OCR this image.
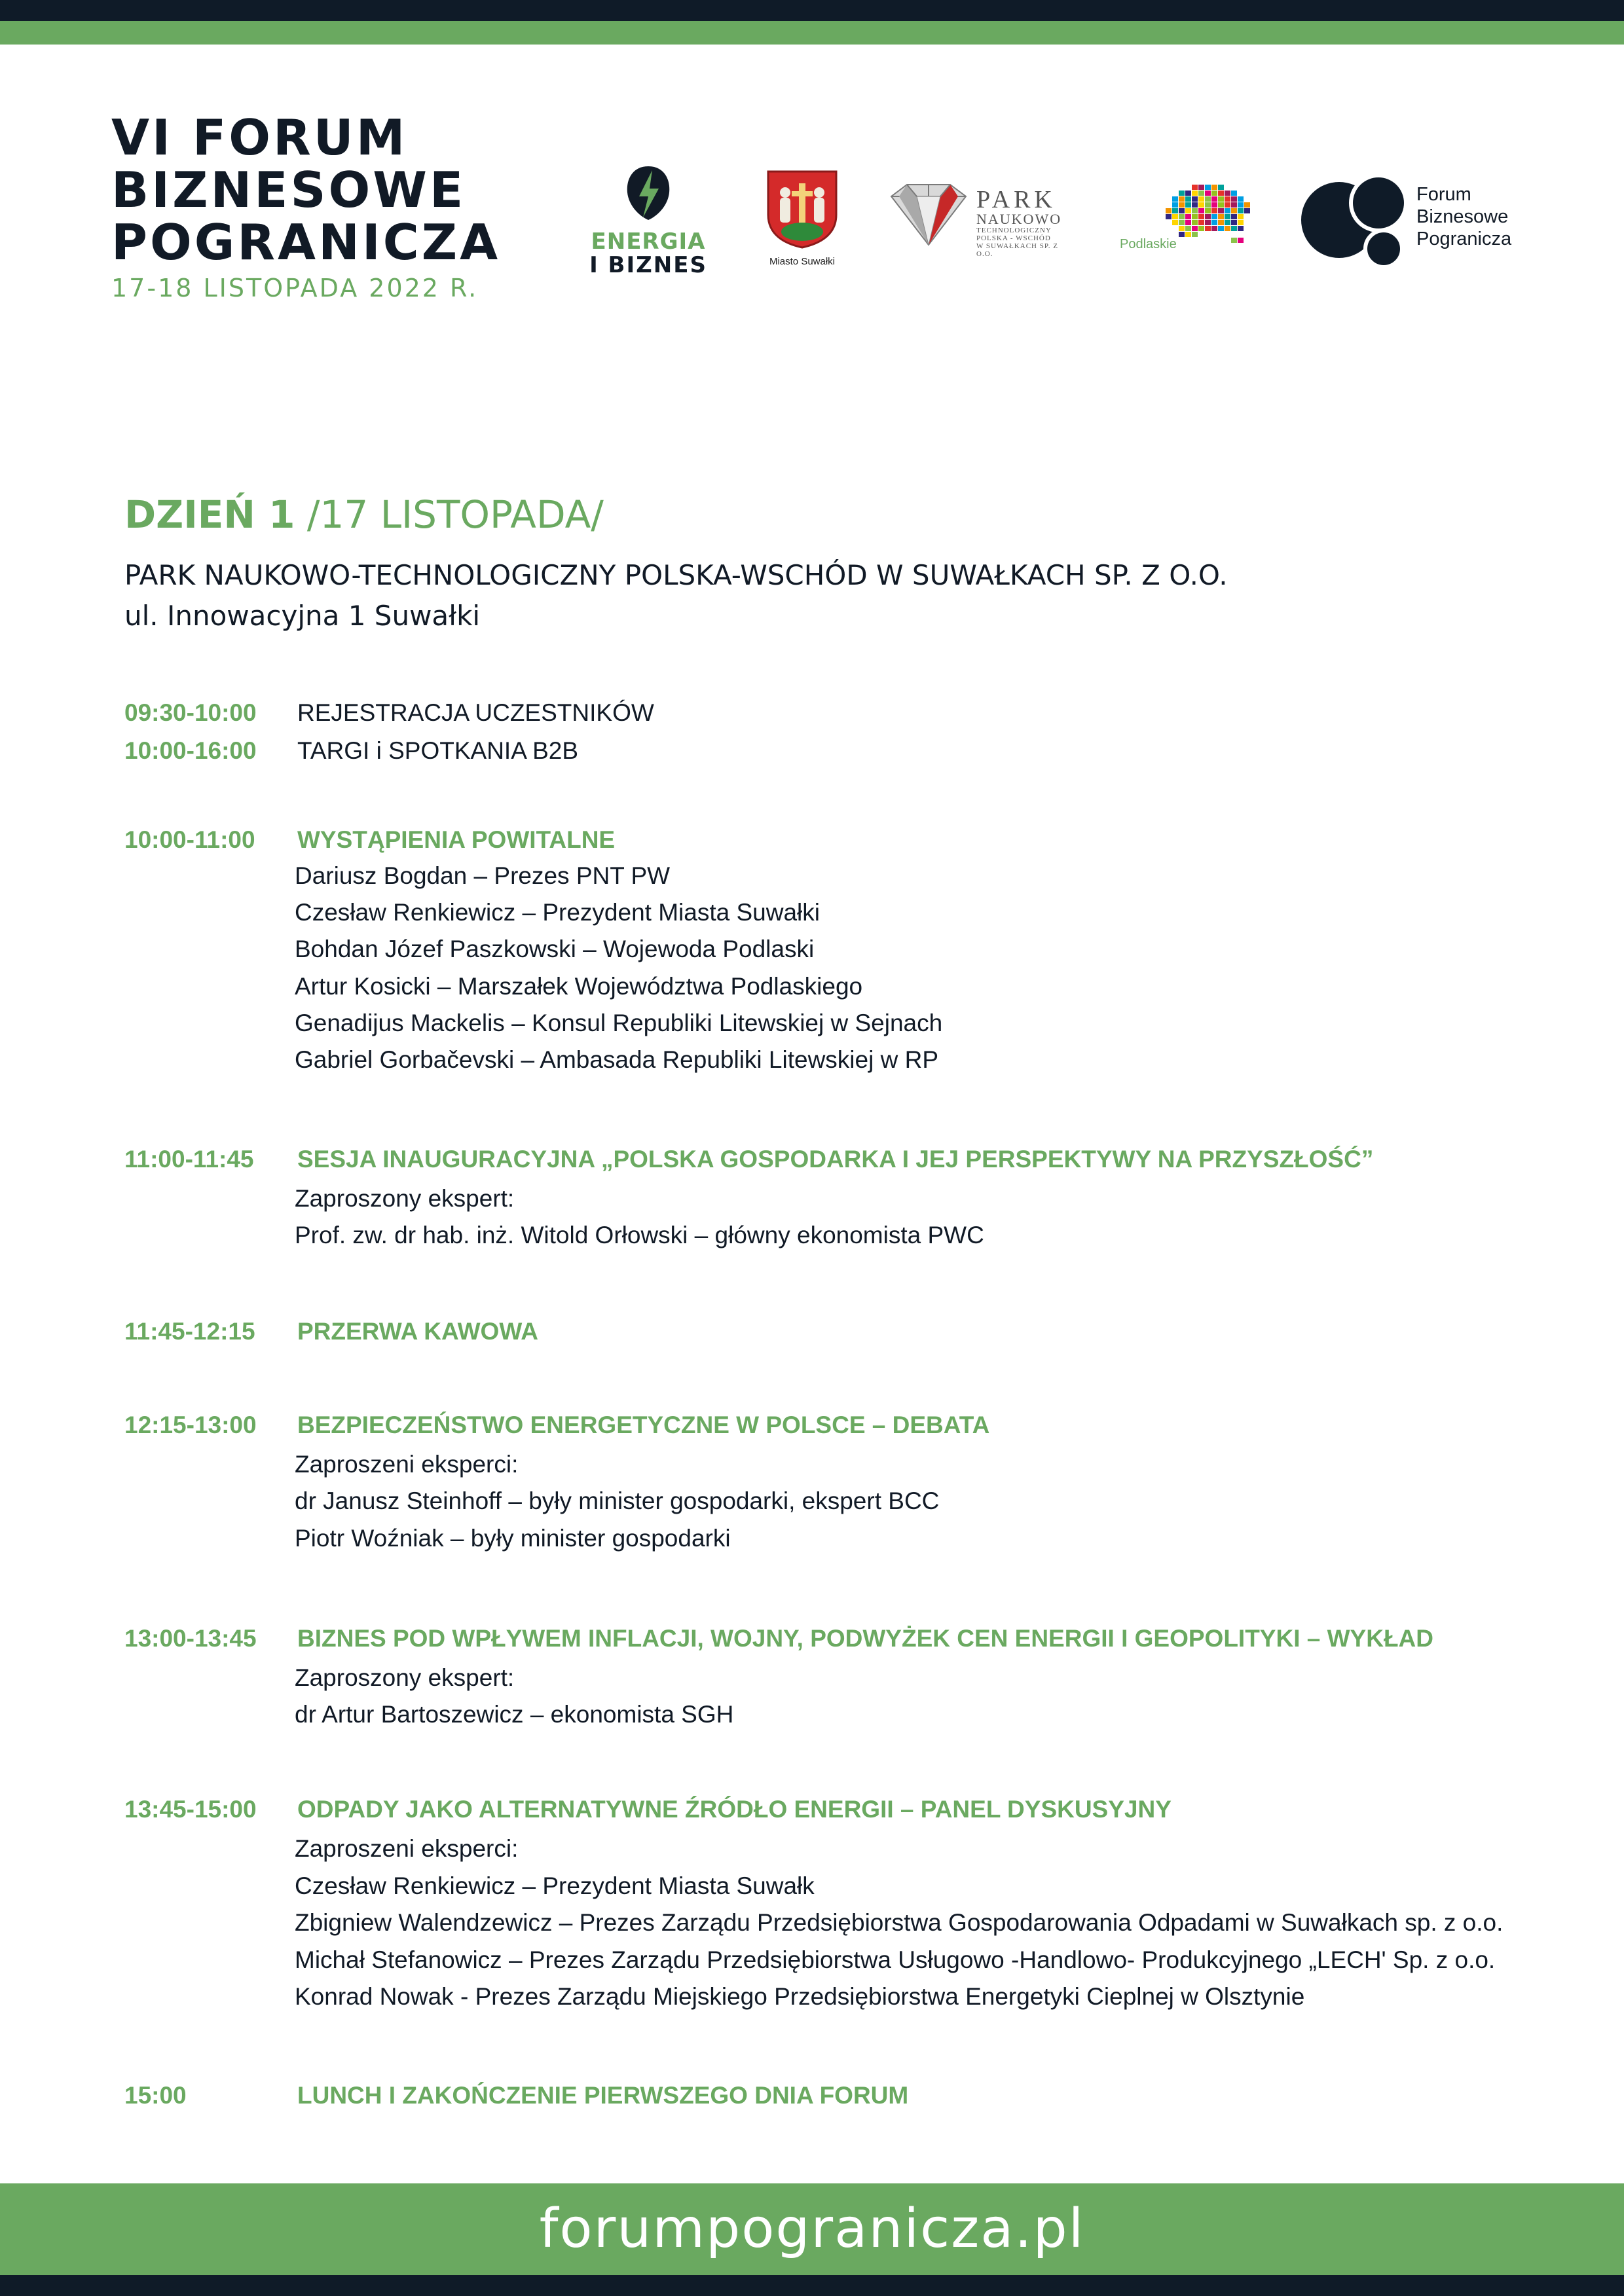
VI FORUM
BIZNESOWE
POGRANICZA
17-18 LISTOPADA 2022 R.
ENERGIA
I BIZNES	Miasto Suwałki
PARK
NAUKOWO
TECHNOLOGICZNY
POLSKA - WSCHÓD
W SUWAŁKACH SP. Z O.O.
Podlaskie
Forum
Biznesowe
Pogranicza
DZIEŃ 1 /17 LISTOPADA/
PARK NAUKOWO-TECHNOLOGICZNY POLSKA-WSCHÓD W SUWAŁKACH SP. Z O.O.
ul. Innowacyjna 1 Suwałki
09:30-10:00	REJESTRACJA UCZESTNIKÓW
10:00-16:00	TARGI i SPOTKANIA B2B
10:00-11:00	WYSTĄPIENIA POWITALNE
Dariusz Bogdan – Prezes PNT PW
Czesław Renkiewicz – Prezydent Miasta Suwałki
Bohdan Józef Paszkowski – Wojewoda Podlaski
Artur Kosicki – Marszałek Województwa Podlaskiego
Genadijus Mackelis – Konsul Republiki Litewskiej w Sejnach
Gabriel Gorbačevski – Ambasada Republiki Litewskiej w RP
11:00-11:45	SESJA INAUGURACYJNA „POLSKA GOSPODARKA I JEJ PERSPEKTYWY NA PRZYSZŁOŚĆ”
Zaproszony ekspert:
Prof. zw. dr hab. inż. Witold Orłowski – główny ekonomista PWC
11:45-12:15	PRZERWA KAWOWA
12:15-13:00	BEZPIECZEŃSTWO ENERGETYCZNE W POLSCE – DEBATA
Zaproszeni eksperci:
dr Janusz Steinhoff – były minister gospodarki, ekspert BCC
Piotr Woźniak – były minister gospodarki
13:00-13:45	BIZNES POD WPŁYWEM INFLACJI, WOJNY, PODWYŻEK CEN ENERGII I GEOPOLITYKI – WYKŁAD
Zaproszony ekspert:
dr Artur Bartoszewicz – ekonomista SGH
13:45-15:00	ODPADY JAKO ALTERNATYWNE ŹRÓDŁO ENERGII – PANEL DYSKUSYJNY
Zaproszeni eksperci:
Czesław Renkiewicz – Prezydent Miasta Suwałk
Zbigniew Walendzewicz – Prezes Zarządu Przedsiębiorstwa Gospodarowania Odpadami w Suwałkach sp. z o.o.
Michał Stefanowicz – Prezes Zarządu Przedsiębiorstwa Usługowo -Handlowo- Produkcyjnego „LECH' Sp. z o.o.
Konrad Nowak - Prezes Zarządu Miejskiego Przedsiębiorstwa Energetyki Cieplnej w Olsztynie
15:00	LUNCH I ZAKOŃCZENIE PIERWSZEGO DNIA FORUM
forumpogranicza.pl
